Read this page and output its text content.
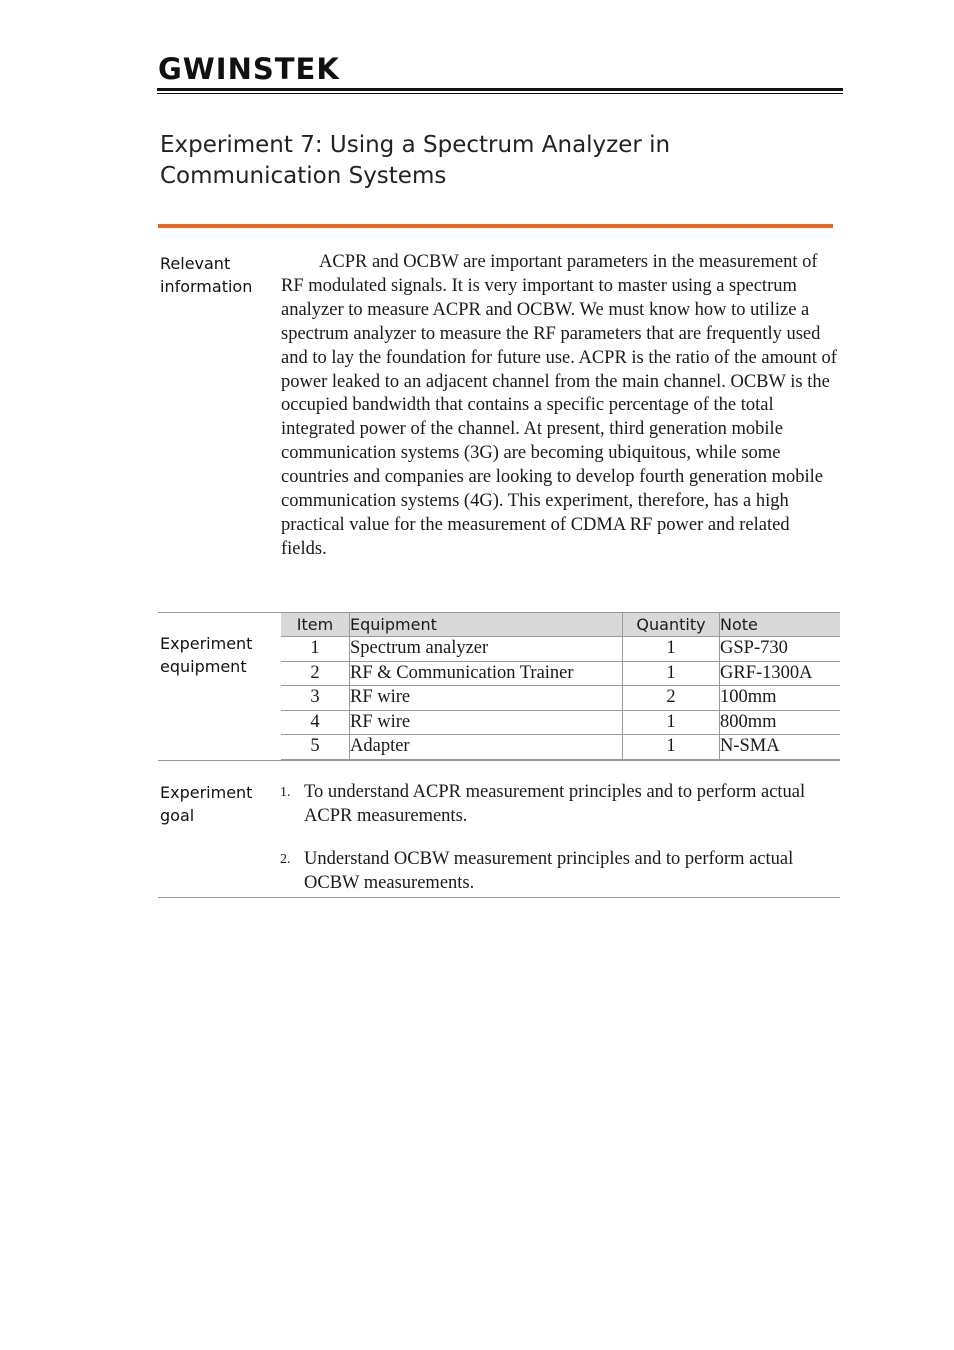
GWINSTEK
Experiment 7: Using a Spectrum Analyzer in Communication Systems
Relevant information

ACPR and OCBW are important parameters in the measurement of RF modulated signals. It is very important to master using a spectrum analyzer to measure ACPR and OCBW. We must know how to utilize a spectrum analyzer to measure the RF parameters that are frequently used and to lay the foundation for future use. ACPR is the ratio of the amount of power leaked to an adjacent channel from the main channel. OCBW is the occupied bandwidth that contains a specific percentage of the total integrated power of the channel. At present, third generation mobile communication systems (3G) are becoming ubiquitous, while some countries and companies are looking to develop fourth generation mobile communication systems (4G). This experiment, therefore, has a high practical value for the measurement of CDMA RF power and related fields.

Experiment equipment
Item	Equipment	Quantity	Note
1	Spectrum analyzer	1	GSP-730
2	RF & Communication Trainer	1	GRF-1300A
3	RF wire	2	100mm
4	RF wire	1	800mm
5	Adapter	1	N-SMA
Experiment goal
1. To understand ACPR measurement principles and to perform actual ACPR measurements.
2. Understand OCBW measurement principles and to perform actual OCBW measurements.
